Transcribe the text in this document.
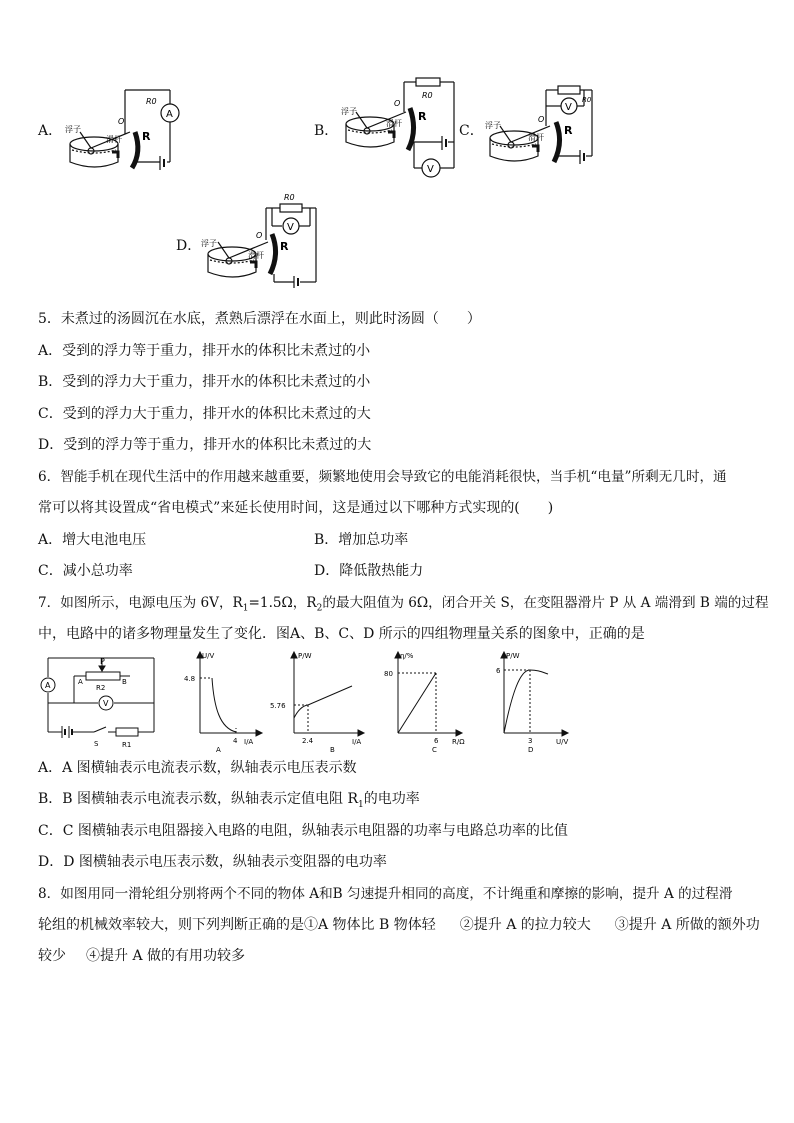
A． 浮子
滑杆
O
R
R0
A
B．
浮子
滑杆
O
R
R0
V
C． 浮子
滑杆
O
R
R0
V
D． 浮子
滑杆
O
R
R0
V
5．未煮过的汤圆沉在水底，煮熟后漂浮在水面上，则此时汤圆（　　）
A．受到的浮力等于重力，排开水的体积比未煮过的小
B．受到的浮力大于重力，排开水的体积比未煮过的小
C．受到的浮力大于重力，排开水的体积比未煮过的大
D．受到的浮力等于重力，排开水的体积比未煮过的大
6．智能手机在现代生活中的作用越来越重要，频繁地使用会导致它的电能消耗很快，当手机“电量”所剩无几时，通
常可以将其设置成“省电模式”来延长使用时间，这是通过以下哪种方式实现的(　　)
A．增大电池电压	B．增加总功率
C．减小总功率	D．降低散热能力
7．如图所示，电源电压为 6V，$R_1=1.5\Omega$，$R_2$的最大阻值为 6Ω，闭合开关 S，在变阻器滑片 P 从 A 端滑到 B 端的过程
中，电路中的诸多物理量发生了变化．图A、B、C、D 所示的四组物理量关系的图象中，正确的是
P
A	B
R2
A
V
S	R1
U/V
I/A
4.8
4
A
P/W
I/A
5.76
2.4
B
η/%
R/Ω
80
6
C
P/W
U/V
6
3
D
A．A 图横轴表示电流表示数，纵轴表示电压表示数
B．B 图横轴表示电流表示数，纵轴表示定值电阻 $R_1$的电功率
C．C 图横轴表示电阻器接入电路的电阻，纵轴表示电阻器的功率与电路总功率的比值
D．D 图横轴表示电压表示数，纵轴表示变阻器的电功率
8．如图用同一滑轮组分别将两个不同的物体 A和B 匀速提升相同的高度，不计绳重和摩擦的影响，提升 A 的过程滑
轮组的机械效率较大，则下列判断正确的是①A 物体比 B 物体轻 ②提升 A 的拉力较大 ③提升 A 所做的额外功
较少 ④提升 A 做的有用功较多
